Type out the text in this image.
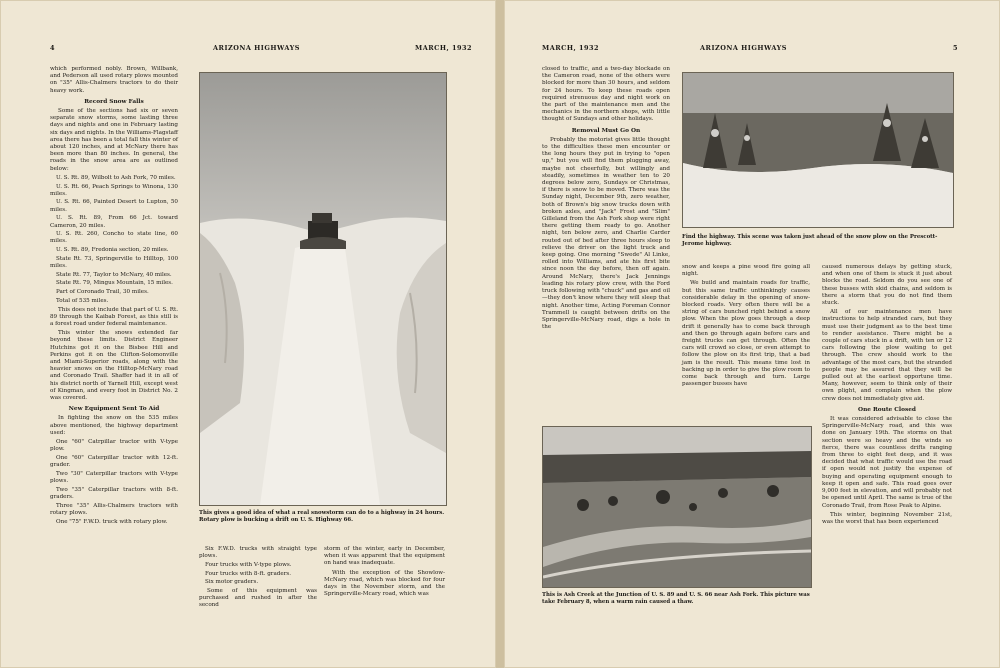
4	ARIZONA HIGHWAYS	MARCH, 1932

which performed nobly. Brown, Willbank, and Pederson all used rotary plows mounted on "35" Allis-Chalmers tractors to do their heavy work.

Record Snow Falls

Some of the sections had six or seven separate snow storms, some lasting three days and nights and one in February lasting six days and nights. In the Williams-Flagstaff area there has been a total fall this winter of about 120 inches, and at McNary there has been more than 80 inches. In general, the roads in the snow area are as outlined below:

U. S. Rt. 89, Wilbolt to Ash Fork, 70 miles.
U. S. Rt. 66, Peach Springs to Winona, 130 miles.
U. S. Rt. 66, Painted Desert to Lupton, 50 miles.
U. S. Rt. 89, From 66 Jct. toward Cameron, 20 miles.
U. S. Rt. 260, Concho to state line, 60 miles.
U. S. Rt. 89, Fredonia section, 20 miles.
State Rt. 73, Springerville to Hilltop, 100 miles.
State Rt. 77, Taylor to McNary, 40 miles.
State Rt. 79, Mingus Mountain, 15 miles.
Part of Coronado Trail, 30 miles.
Total of 535 miles.

This does not include that part of U. S. Rt. 89 through the Kaibab Forest, as this still is a forest road under federal maintenance.

This winter the snows extended far beyond these limits. District Engineer Hutchins got it on the Bisbee Hill and Perkins got it on the Clifton-Solomonville and Miami-Superior roads, along with the heavier snows on the Hilltop-McNary road and Coronado Trail. Shaffer had it in all of his district north of Yarnell Hill, except west of Kingman, and every foot in District No. 2 was covered.

New Equipment Sent To Aid

In fighting the snow on the 535 miles above mentioned, the highway department used:

One "60" Catrpillar tractor with V-type plow.
One "60" Caterpillar tractor with 12-ft. grader.
Two "30" Caterpillar tractors with V-type plows.
Two "35" Caterpillar tractors with 8-ft. graders.
Three "35" Allis-Chalmers tractors with rotary plows.
One "75" F.W.D. truck with rotary plow.
This gives a good idea of what a real snowstorm can do to a highway in 24 hours. Rotary plow is bucking a drift on U. S. Highway 66.
Six F.W.D. trucks with straight type plows.
Four trucks with V-type plows.
Four trucks with 8-ft. graders.
Six motor graders.

Some of this equipment was purchased and rushed in after the second

storm of the winter, early in December, when it was apparent that the equipment on hand was inadequate.

With the exception of the Showlow-McNary road, which was blocked for four days in the November storm, and the Springerville-Mcary road, which was

MARCH, 1932	ARIZONA HIGHWAYS	5

closed to traffic, and a two-day blockade on the Cameron road, none of the others were blocked for more than 30 hours, and seldom for 24 hours. To keep these roads open required strenuous day and night work on the part of the maintenance men and the mechanics in the northern shops, with little thought of Sundays and other holidays.

Removal Must Go On

Probably the motorist gives little thought to the difficulties these men encounter or the long hours they put in trying to "open up," but you will find them plugging away, maybe not cheerfully, but willingly and steadily, sometimes in weather ten to 20 degrees below zero, Sundays or Christmas, if there is snow to be moved. There was the Sunday night, December 9th, zero weather, both of Brown's big snow trucks down with broken axles, and "Jack" Frost and "Slim" Gilleland from the Ash Fork shop were right there getting them ready to go. Another night, ten below zero, and Charlie Carder routed out of bed after three hours sleep to relieve the driver on the light truck and keep going. One morning "Swede" Al Linke, rolled into Williams, and ate his first bite since noon the day before, then off again. Around McNary, there's Jack Jennings leading his rotary plow crew, with the Ford truck following with "chuck" and gas and oil—they don't know where they will sleep that night. Another time, Acting Foreman Connor Trammell is caught between drifts on the Springerville-McNary road, digs a hole in the

Find the highway. This scene was taken just ahead of the snow plow on the Prescott-Jerome highway.

snow and keeps a pine wood fire going all night.

We build and maintain roads for traffic, but this same traffic unthinkingly causes considerable delay in the opening of snow-blocked roads. Very often there will be a string of cars bunched right behind a snow plow. When the plow goes through a deep drift it generally has to come back through and then go through again before cars and freight trucks can get through. Often the cars will crowd so close, or even attempt to follow the plow on its first trip, that a bad jam is the result. This means time lost in backing up in order to give the plow room to come back through and turn. Large passenger busses have

caused numerous delays by getting stuck, and when one of them is stuck it just about blocks the road. Seldom do you see one of these busses with skid chains, and seldom is there a storm that you do not find them stuck.

All of our maintenance men have instructions to help stranded cars, but they must use their judgment as to the best time to render assistance. There might be a couple of cars stuck in a drift, with ten or 12 cars following the plow waiting to get through. The crew should work to the advantage of the most cars, but the stranded people may be assured that they will be pulled out at the earliest opportune time. Many, however, seem to think only of their own plight, and complain when the plow crew does not immediately give aid.

One Route Closed

It was considered advisable to close the Springerville-McNary road, and this was done on January 19th. The storms on that section were so heavy and the winds so fierce, there was countless drifts ranging from three to eight feet deep, and it was decided that what traffic would use the road if open would not justify the expense of buying and operating equipment enough to keep it open and safe. This road goes over 9,000 feet in elevation, and will probably not be opened until April. The same is true of the Coronado Trail, from Rose Peak to Alpine.

This winter, beginning November 21st, was the worst that has been experienced

This is Ash Creek at the Junction of U. S. 89 and U. S. 66 near Ash Fork. This picture was take February 8, when a warm rain caused a thaw.
